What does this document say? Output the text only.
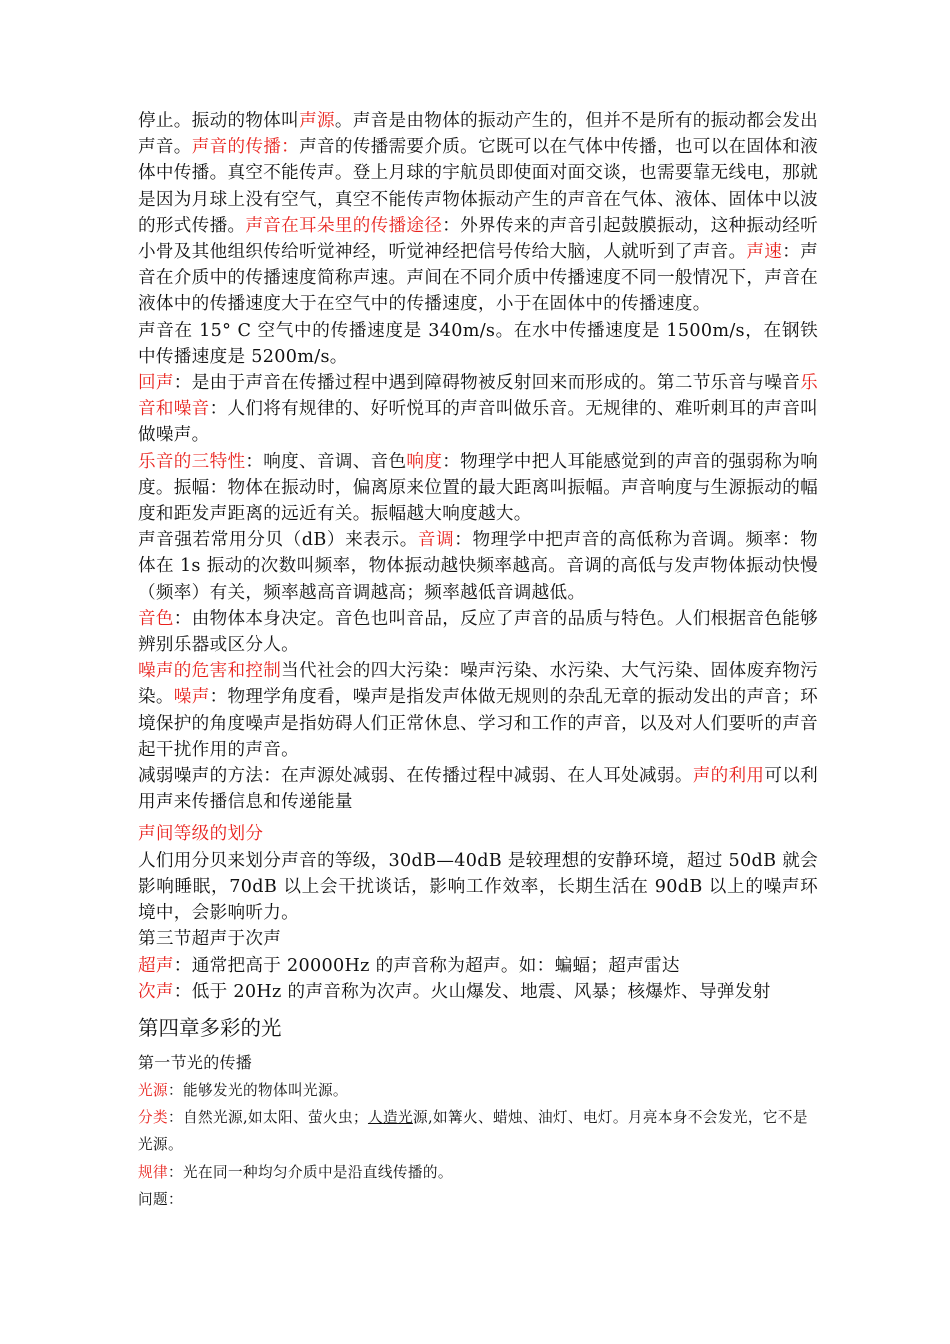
停止。振动的物体叫声源。声音是由物体的振动产生的，但并不是所有的振动都会发出声音。声音的传播：声音的传播需要介质。它既可以在气体中传播，也可以在固体和液体中传播。真空不能传声。登上月球的宇航员即使面对面交谈，也需要靠无线电，那就是因为月球上没有空气，真空不能传声物体振动产生的声音在气体、液体、固体中以波的形式传播。声音在耳朵里的传播途径：外界传来的声音引起鼓膜振动，这种振动经听小骨及其他组织传给听觉神经，听觉神经把信号传给大脑，人就听到了声音。声速：声音在介质中的传播速度简称声速。声间在不同介质中传播速度不同一般情况下，声音在液体中的传播速度大于在空气中的传播速度，小于在固体中的传播速度。

声音在 15° C 空气中的传播速度是 340m/s。在水中传播速度是 1500m/s，在钢铁中传播速度是 5200m/s。

回声：是由于声音在传播过程中遇到障碍物被反射回来而形成的。第二节乐音与噪音乐音和噪音：人们将有规律的、好听悦耳的声音叫做乐音。无规律的、难听刺耳的声音叫做噪声。

乐音的三特性：响度、音调、音色响度：物理学中把人耳能感觉到的声音的强弱称为响度。振幅：物体在振动时，偏离原来位置的最大距离叫振幅。声音响度与生源振动的幅度和距发声距离的远近有关。振幅越大响度越大。

声音强若常用分贝（dB）来表示。音调：物理学中把声音的高低称为音调。频率：物体在 1s 振动的次数叫频率，物体振动越快频率越高。音调的高低与发声物体振动快慢（频率）有关，频率越高音调越高；频率越低音调越低。

音色：由物体本身决定。音色也叫音品，反应了声音的品质与特色。人们根据音色能够辨别乐器或区分人。

噪声的危害和控制当代社会的四大污染：噪声污染、水污染、大气污染、固体废弃物污染。噪声：物理学角度看，噪声是指发声体做无规则的杂乱无章的振动发出的声音；环境保护的角度噪声是指妨碍人们正常休息、学习和工作的声音，以及对人们要听的声音起干扰作用的声音。

减弱噪声的方法：在声源处减弱、在传播过程中减弱、在人耳处减弱。声的利用可以利用声来传播信息和传递能量

声间等级的划分

人们用分贝来划分声音的等级，30dB—40dB 是较理想的安静环境，超过 50dB 就会影响睡眠，70dB 以上会干扰谈话，影响工作效率，长期生活在 90dB 以上的噪声环境中，会影响听力。

第三节超声于次声

超声：通常把高于 20000Hz 的声音称为超声。如：蝙蝠；超声雷达

次声：低于 20Hz 的声音称为次声。火山爆发、地震、风暴；核爆炸、导弹发射

第四章多彩的光

第一节光的传播

光源：能够发光的物体叫光源。

分类：自然光源,如太阳、萤火虫；人造光源,如篝火、蜡烛、油灯、电灯。月亮本身不会发光，它不是光源。

规律：光在同一种均匀介质中是沿直线传播的。

问题：
